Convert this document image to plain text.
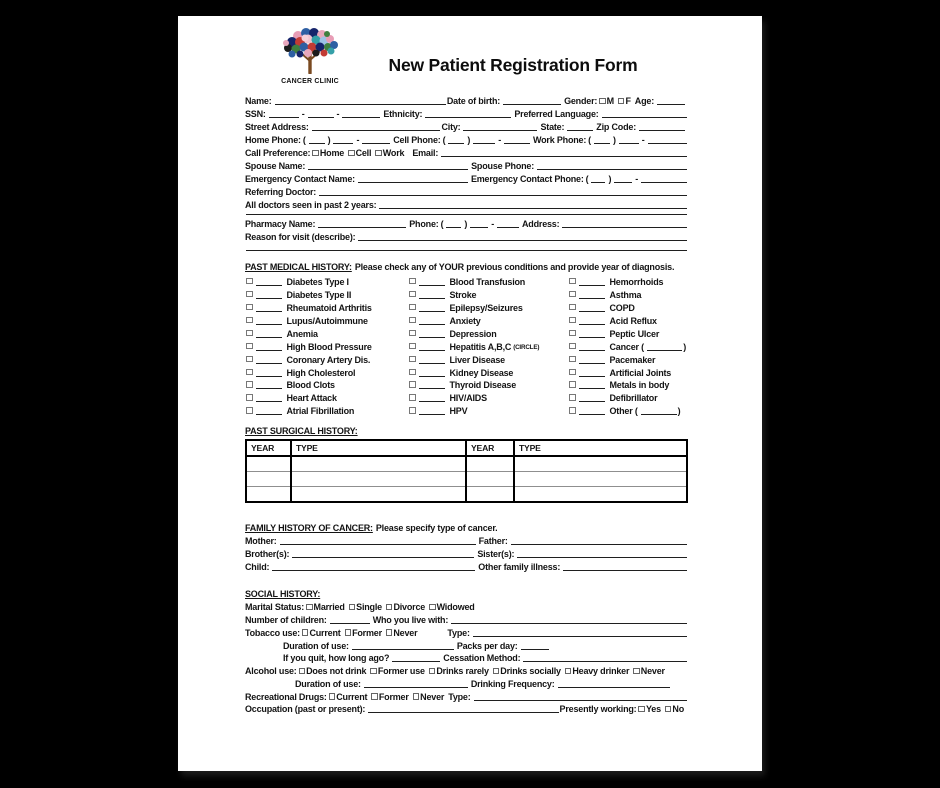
CANCER CLINIC
New Patient Registration Form
Name:	Date of birth:	Gender: M F Age:
SSN:	-	-	Ethnicity:	Preferred Language:
Street Address:	City:	State:	Zip Code:
Home Phone: ( )	-	Cell Phone: ( )	-	Work Phone: ( )	-
Call Preference: Home Cell Work Email:
Spouse Name:	Spouse Phone:
Emergency Contact Name:	Emergency Contact Phone: ( )	-
Referring Doctor:
All doctors seen in past 2 years:
Pharmacy Name:	Phone: ( )	-	Address:
Reason for visit (describe):
PAST MEDICAL HISTORY: Please check any of YOUR previous conditions and provide year of diagnosis.
Diabetes Type I
Diabetes Type II
Rheumatoid Arthritis
Lupus/Autoimmune
Anemia
High Blood Pressure
Coronary Artery Dis.
High Cholesterol
Blood Clots
Heart Attack
Atrial Fibrillation
Blood Transfusion
Stroke
Epilepsy/Seizures
Anxiety
Depression
Hepatitis A,B,C (CIRCLE)
Liver Disease
Kidney Disease
Thyroid Disease
HIV/AIDS
HPV
Hemorrhoids
Asthma
COPD
Acid Reflux
Peptic Ulcer
Cancer (	)
Pacemaker
Artificial Joints
Metals in body
Defibrillator
Other (	)
PAST SURGICAL HISTORY:
YEAR	TYPE	YEAR	TYPE

FAMILY HISTORY OF CANCER: Please specify type of cancer.
Mother:	Father:
Brother(s):	Sister(s):
Child:	Other family illness:
SOCIAL HISTORY:
Marital Status: Married Single Divorce Widowed
Number of children:	Who you live with:
Tobacco use: Current Former Never	Type:
Duration of use:	Packs per day:
If you quit, how long ago?	Cessation Method:
Alcohol use: Does not drink Former use Drinks rarely Drinks socially Heavy drinker Never
Duration of use:	Drinking Frequency:
Recreational Drugs: Current Former Never Type:
Occupation (past or present):	Presently working: Yes No
